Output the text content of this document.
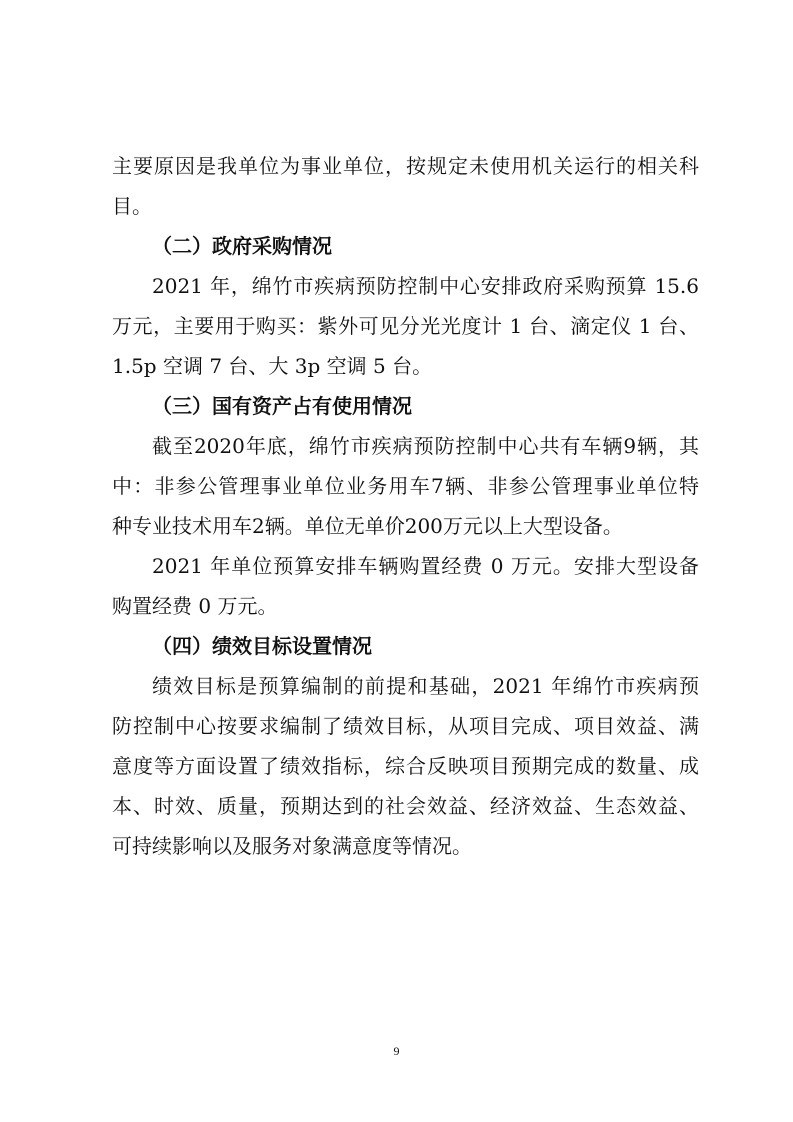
主要原因是我单位为事业单位，按规定未使用机关运行的相关科
目。
（二）政府采购情况
2021 年，绵竹市疾病预防控制中心安排政府采购预算 15.6
万元，主要用于购买：紫外可见分光光度计 1 台、滴定仪 1 台、
1.5p 空调 7 台、大 3p 空调 5 台。
（三）国有资产占有使用情况
截至2020年底，绵竹市疾病预防控制中心共有车辆9辆，其
中：非参公管理事业单位业务用车7辆、非参公管理事业单位特
种专业技术用车2辆。单位无单价200万元以上大型设备。
2021 年单位预算安排车辆购置经费 0 万元。安排大型设备
购置经费 0 万元。
（四）绩效目标设置情况
绩效目标是预算编制的前提和基础，2021 年绵竹市疾病预
防控制中心按要求编制了绩效目标，从项目完成、项目效益、满
意度等方面设置了绩效指标，综合反映项目预期完成的数量、成
本、时效、质量，预期达到的社会效益、经济效益、生态效益、
可持续影响以及服务对象满意度等情况。
9
